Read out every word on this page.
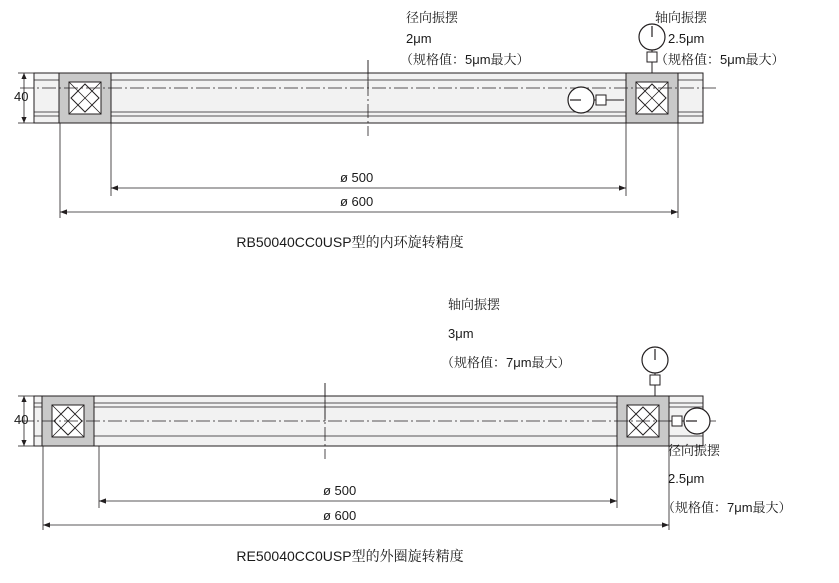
40
径向振摆
2μm
（规格值：5μm最大）
轴向振摆
2.5μm
（规格值：5μm最大）
ø 500
ø 600
RB50040CC0USP型的内环旋转精度
40
轴向振摆
3μm
（规格值：7μm最大）
径向振摆
2.5μm
（规格值：7μm最大）
ø 500
ø 600
RE50040CC0USP型的外圈旋转精度
